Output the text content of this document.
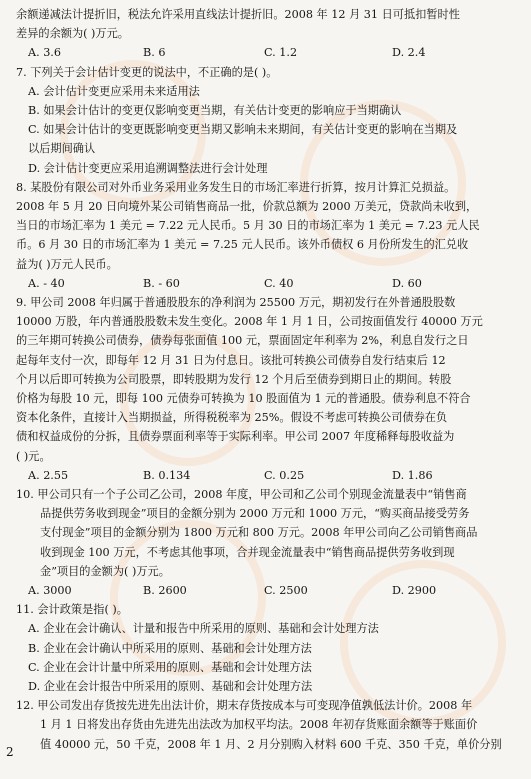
余额递减法计提折旧，税法允许采用直线法计提折旧。2008 年 12 月 31 日可抵扣暂时性
差异的余额为( )万元。
A. 3.6	B. 6	C. 1.2	D. 2.4
7. 下列关于会计估计变更的说法中，不正确的是( )。
A. 会计估计变更应采用未来适用法
B. 如果会计估计的变更仅影响变更当期，有关估计变更的影响应于当期确认
C. 如果会计估计的变更既影响变更当期又影响未来期间，有关估计变更的影响在当期及
以后期间确认
D. 会计估计变更应采用追溯调整法进行会计处理
8. 某股份有限公司对外币业务采用业务发生日的市场汇率进行折算，按月计算汇兑损益。
2008 年 5 月 20 日向境外某公司销售商品一批，价款总额为 2000 万美元，贷款尚未收到，
当日的市场汇率为 1 美元 = 7.22 元人民币。5 月 30 日的市场汇率为 1 美元 = 7.23 元人民
币。6 月 30 日的市场汇率为 1 美元 = 7.25 元人民币。该外币债权 6 月份所发生的汇兑收
益为( )万元人民币。
A. - 40	B. - 60	C. 40	D. 60
9. 甲公司 2008 年归属于普通股股东的净利润为 25500 万元，期初发行在外普通股股数
10000 万股，年内普通股股数未发生变化。2008 年 1 月 1 日，公司按面值发行 40000 万元
的三年期可转换公司债券，债券每张面值 100 元，票面固定年利率为 2%，利息自发行之日
起每年支付一次，即每年 12 月 31 日为付息日。该批可转换公司债券自发行结束后 12
个月以后即可转换为公司股票，即转股期为发行 12 个月后至债券到期日止的期间。转股
价格为每股 10 元，即每 100 元债券可转换为 10 股面值为 1 元的普通股。债券利息不符合
资本化条件，直接计入当期损益，所得税税率为 25%。假设不考虑可转换公司债券在负
债和权益成份的分拆，且债券票面利率等于实际利率。甲公司 2007 年度稀释每股收益为
( )元。
A. 2.55	B. 0.134	C. 0.25	D. 1.86
10. 甲公司只有一个子公司乙公司，2008 年度，甲公司和乙公司个别现金流量表中“销售商
品提供劳务收到现金”项目的金额分别为 2000 万元和 1000 万元，“购买商品接受劳务
支付现金”项目的金额分别为 1800 万元和 800 万元。2008 年甲公司向乙公司销售商品
收到现金 100 万元，不考虑其他事项，合并现金流量表中“销售商品提供劳务收到现
金”项目的金额为( )万元。
A. 3000	B. 2600	C. 2500	D. 2900
11. 会计政策是指( )。
A. 企业在会计确认、计量和报告中所采用的原则、基础和会计处理方法
B. 企业在会计确认中所采用的原则、基础和会计处理方法
C. 企业在会计计量中所采用的原则、基础和会计处理方法
D. 企业在会计报告中所采用的原则、基础和会计处理方法
12. 甲公司发出存货按先进先出法计价，期末存货按成本与可变现净值孰低法计价。2008 年
1 月 1 日将发出存货由先进先出法改为加权平均法。2008 年初存货账面余额等于账面价
值 40000 元，50 千克，2008 年 1 月、2 月分别购入材料 600 千克、350 千克，单价分别
2
